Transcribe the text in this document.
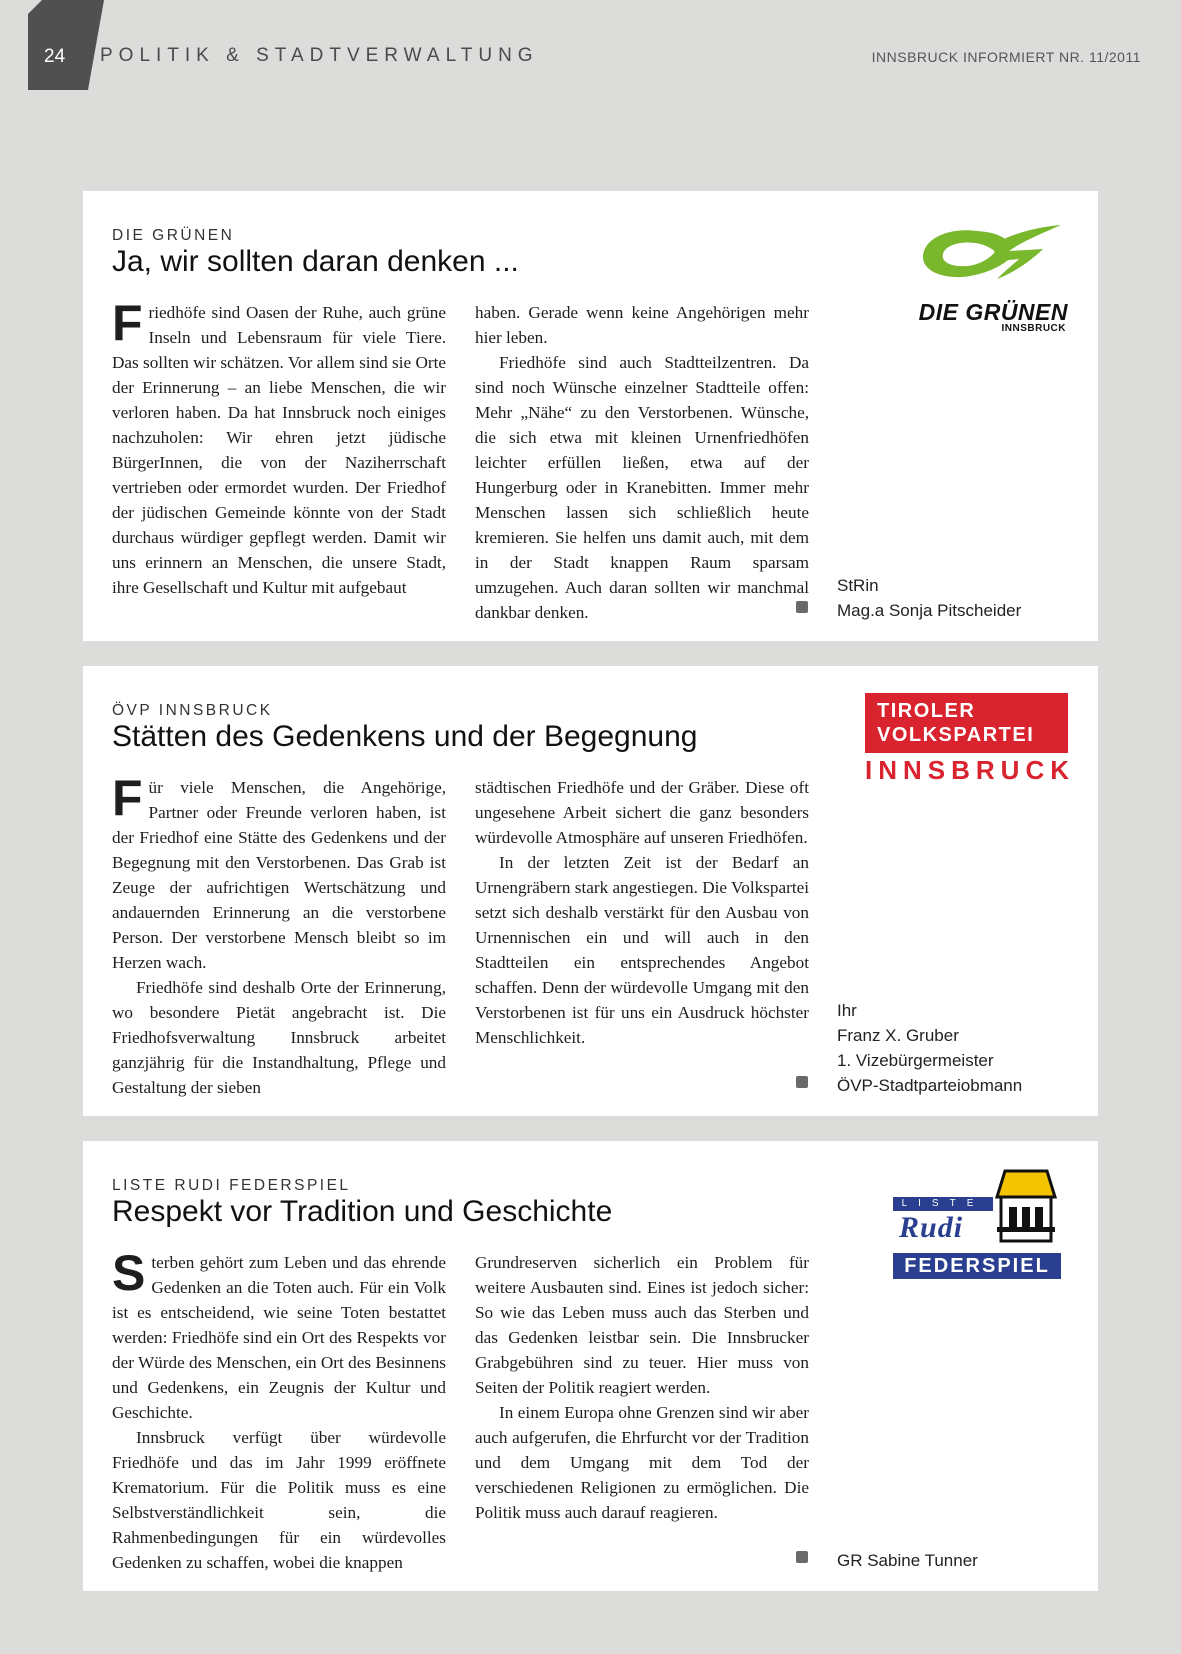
24 POLITIK & STADTVERWALTUNG	INNSBRUCK INFORMIERT NR. 11/2011
DIE GRÜNEN
Ja, wir sollten daran denken ...

Friedhöfe sind Oasen der Ruhe, auch grüne Inseln und Lebensraum für viele Tiere. Das sollten wir schätzen. Vor allem sind sie Orte der Erinnerung – an liebe Menschen, die wir verloren haben. Da hat Innsbruck noch einiges nachzuholen: Wir ehren jetzt jüdische BürgerInnen, die von der Naziherrschaft vertrieben oder ermordet wurden. Der Friedhof der jüdischen Gemeinde könnte von der Stadt durchaus würdiger gepflegt werden. Damit wir uns erinnern an Menschen, die unsere Stadt, ihre Gesellschaft und Kultur mit aufgebaut

haben. Gerade wenn keine Angehörigen mehr hier leben.

Friedhöfe sind auch Stadtteilzentren. Da sind noch Wünsche einzelner Stadtteile offen: Mehr „Nähe“ zu den Verstorbenen. Wünsche, die sich etwa mit kleinen Urnenfriedhöfen leichter erfüllen ließen, etwa auf der Hungerburg oder in Kranebitten. Immer mehr Menschen lassen sich schließlich heute kremieren. Sie helfen uns damit auch, mit dem in der Stadt knappen Raum sparsam umzugehen. Auch daran sollten wir manchmal dankbar denken.

DIE GRÜNEN
INNSBRUCK
StRin
Mag.a Sonja Pitscheider
ÖVP INNSBRUCK
Stätten des Gedenkens und der Begegnung

Für viele Menschen, die Angehörige, Partner oder Freunde verloren haben, ist der Friedhof eine Stätte des Gedenkens und der Begegnung mit den Verstorbenen. Das Grab ist Zeuge der aufrichtigen Wertschätzung und andauernden Erinnerung an die verstorbene Person. Der verstorbene Mensch bleibt so im Herzen wach.

Friedhöfe sind deshalb Orte der Erinnerung, wo besondere Pietät angebracht ist. Die Friedhofsverwaltung Innsbruck arbeitet ganzjährig für die Instandhaltung, Pflege und Gestaltung der sieben

städtischen Friedhöfe und der Gräber. Diese oft ungesehene Arbeit sichert die ganz besonders würdevolle Atmosphäre auf unseren Friedhöfen.

In der letzten Zeit ist der Bedarf an Urnengräbern stark angestiegen. Die Volkspartei setzt sich deshalb verstärkt für den Ausbau von Urnennischen ein und will auch in den Stadtteilen ein entsprechendes Angebot schaffen. Denn der würdevolle Umgang mit den Verstorbenen ist für uns ein Ausdruck höchster Menschlichkeit.

TIROLER
VOLKSPARTEI
INNSBRUCK
Ihr
Franz X. Gruber
1. Vizebürgermeister
ÖVP-Stadtparteiobmann
LISTE RUDI FEDERSPIEL
Respekt vor Tradition und Geschichte

Sterben gehört zum Leben und das ehrende Gedenken an die Toten auch. Für ein Volk ist es entscheidend, wie seine Toten bestattet werden: Friedhöfe sind ein Ort des Respekts vor der Würde des Menschen, ein Ort des Besinnens und Gedenkens, ein Zeugnis der Kultur und Geschichte.

Innsbruck verfügt über würdevolle Friedhöfe und das im Jahr 1999 eröffnete Krematorium. Für die Politik muss es eine Selbstverständlichkeit sein, die Rahmenbedingungen für ein würdevolles Gedenken zu schaffen, wobei die knappen

Grundreserven sicherlich ein Problem für weitere Ausbauten sind. Eines ist jedoch sicher: So wie das Leben muss auch das Sterben und das Gedenken leistbar sein. Die Innsbrucker Grabgebühren sind zu teuer. Hier muss von Seiten der Politik reagiert werden.

In einem Europa ohne Grenzen sind wir aber auch aufgerufen, die Ehrfurcht vor der Tradition und dem Umgang mit dem Tod der verschiedenen Religionen zu ermöglichen. Die Politik muss auch darauf reagieren.

LISTE
Rudi
FEDERSPIEL
GR Sabine Tunner
